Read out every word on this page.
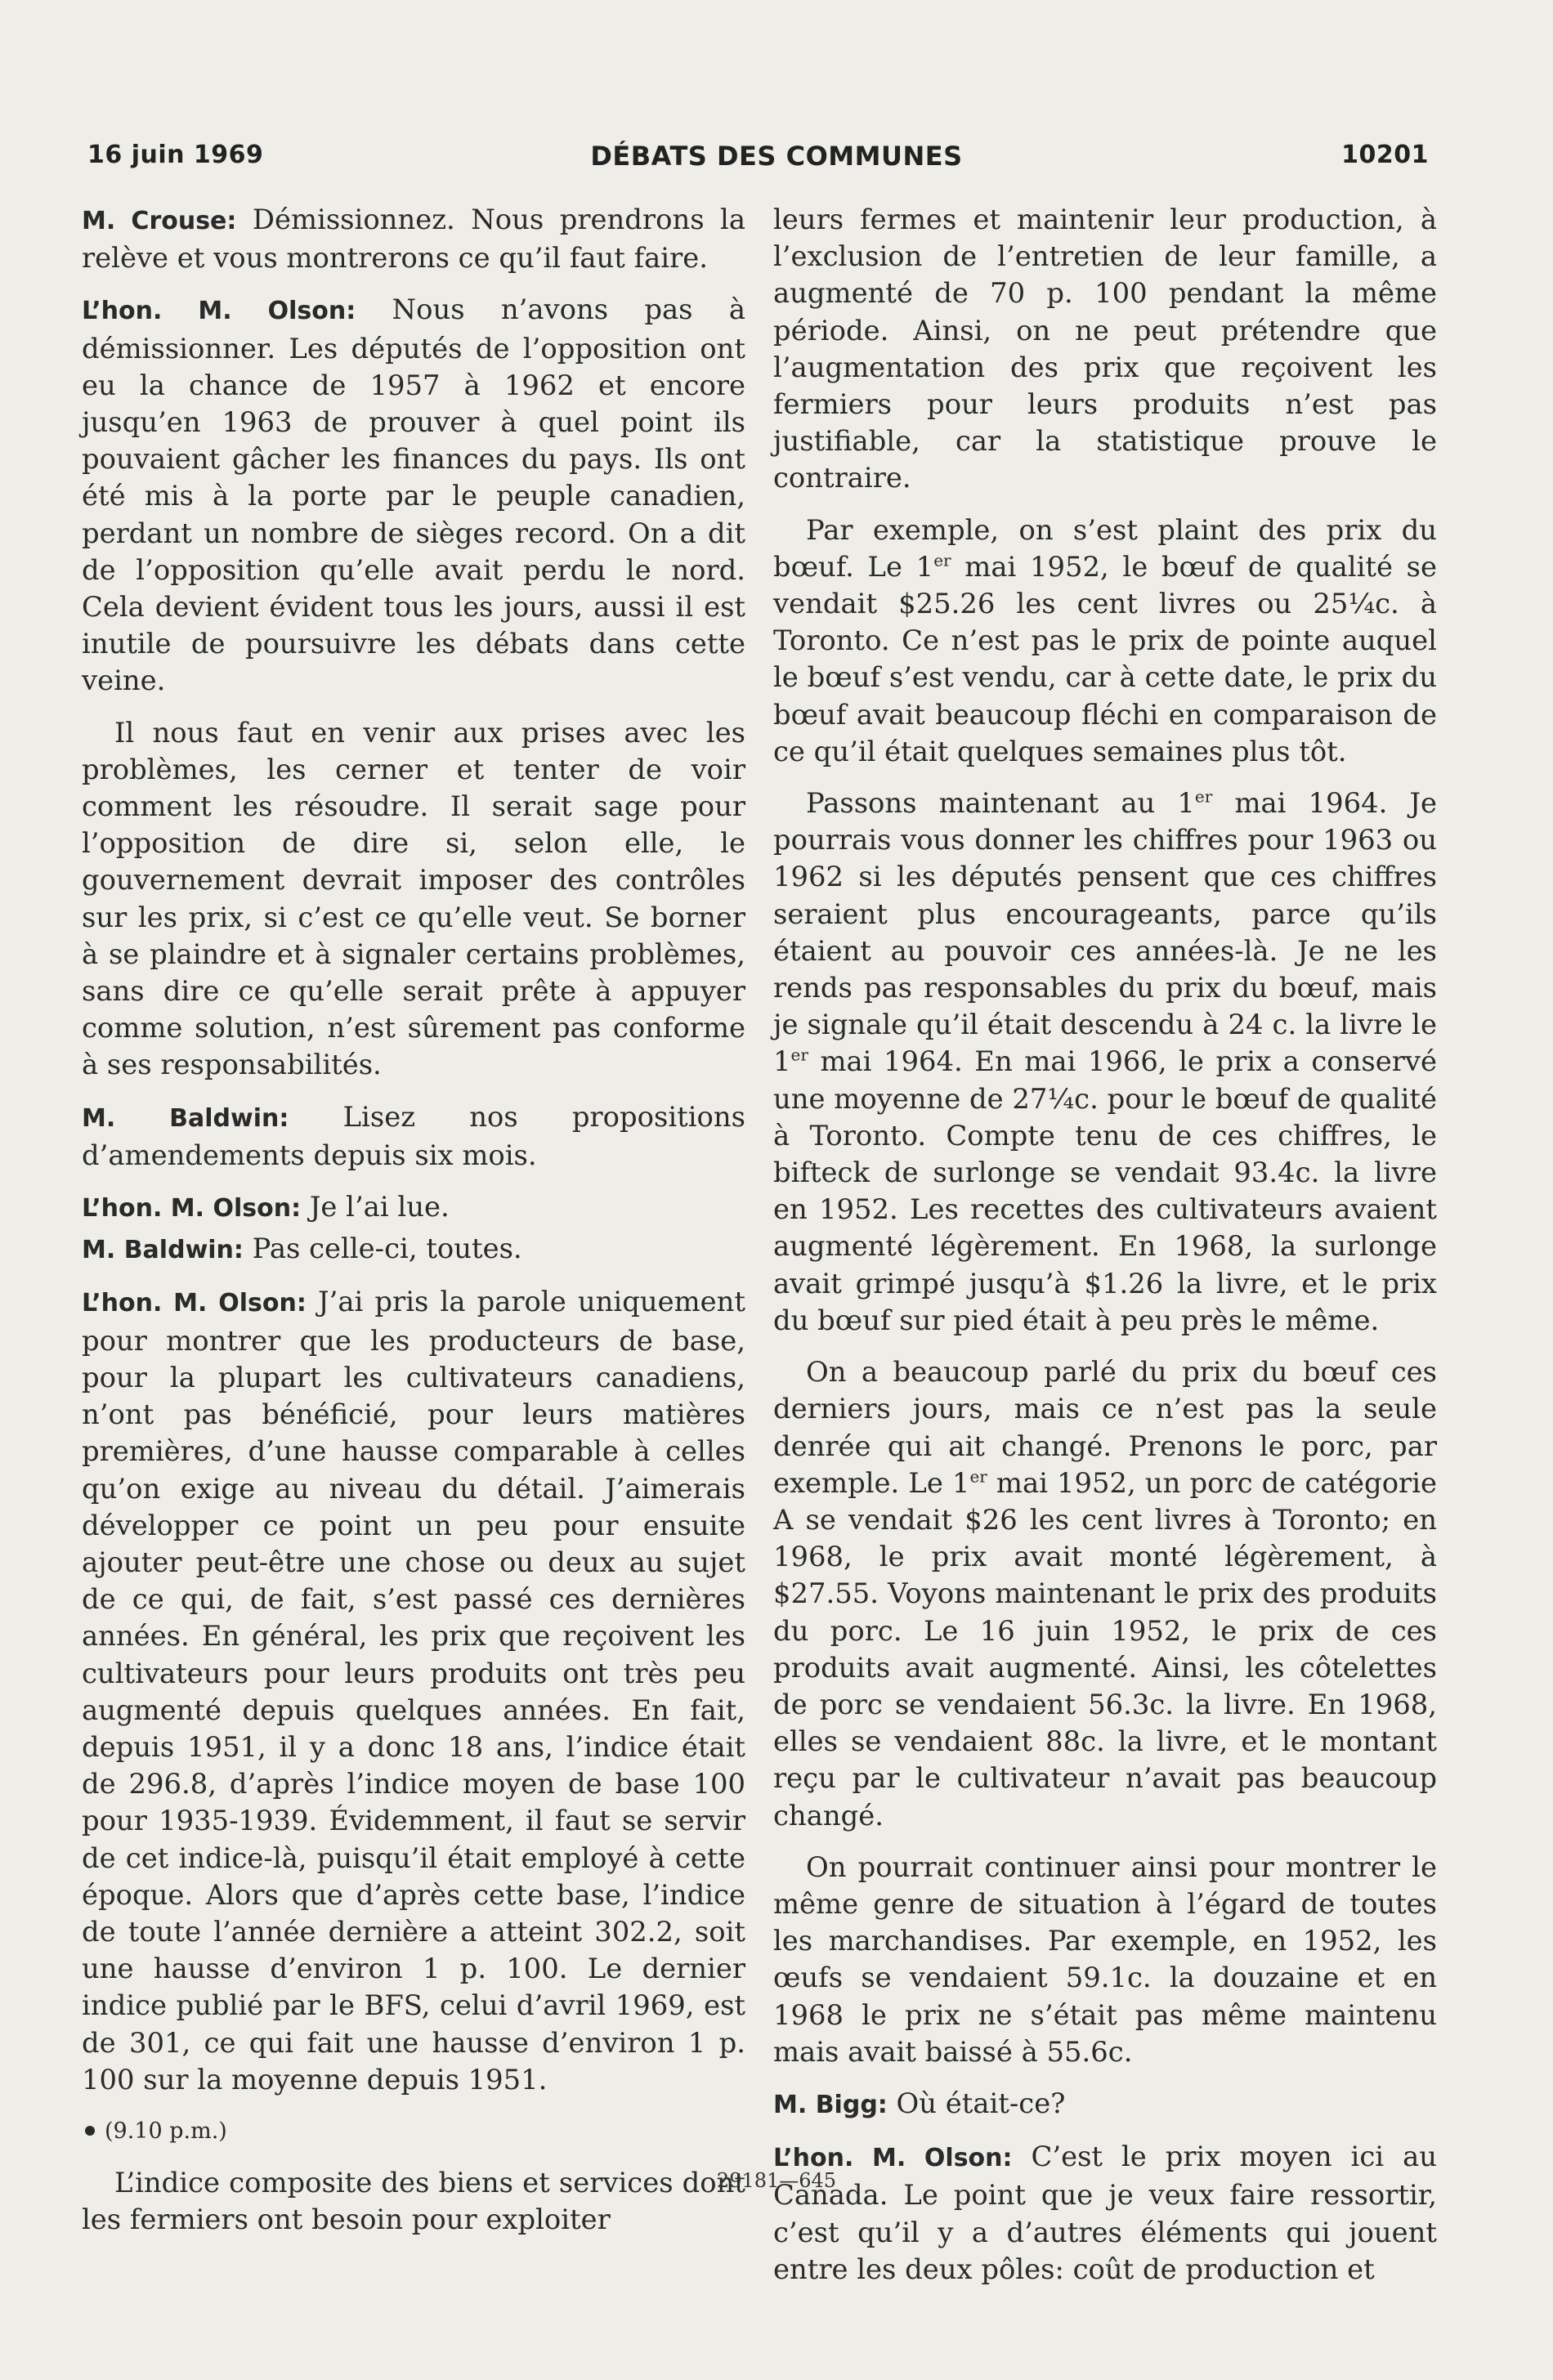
16 juin 1969	DÉBATS DES COMMUNES	10201

M. Crouse: Démissionnez. Nous prendrons la relève et vous montrerons ce qu’il faut faire.

L’hon. M. Olson: Nous n’avons pas à démissionner. Les députés de l’opposition ont eu la chance de 1957 à 1962 et encore jusqu’en 1963 de prouver à quel point ils pouvaient gâcher les finances du pays. Ils ont été mis à la porte par le peuple canadien, perdant un nombre de sièges record. On a dit de l’opposition qu’elle avait perdu le nord. Cela devient évident tous les jours, aussi il est inutile de poursuivre les débats dans cette veine.

Il nous faut en venir aux prises avec les problèmes, les cerner et tenter de voir comment les résoudre. Il serait sage pour l’opposition de dire si, selon elle, le gouvernement devrait imposer des contrôles sur les prix, si c’est ce qu’elle veut. Se borner à se plaindre et à signaler certains problèmes, sans dire ce qu’elle serait prête à appuyer comme solution, n’est sûrement pas conforme à ses responsabilités.

M. Baldwin: Lisez nos propositions d’amendements depuis six mois.

L’hon. M. Olson: Je l’ai lue.

M. Baldwin: Pas celle-ci, toutes.

L’hon. M. Olson: J’ai pris la parole uniquement pour montrer que les producteurs de base, pour la plupart les cultivateurs canadiens, n’ont pas bénéficié, pour leurs matières premières, d’une hausse comparable à celles qu’on exige au niveau du détail. J’aimerais développer ce point un peu pour ensuite ajouter peut-être une chose ou deux au sujet de ce qui, de fait, s’est passé ces dernières années. En général, les prix que reçoivent les cultivateurs pour leurs produits ont très peu augmenté depuis quelques années. En fait, depuis 1951, il y a donc 18 ans, l’indice était de 296.8, d’après l’indice moyen de base 100 pour 1935-1939. Évidemment, il faut se servir de cet indice-là, puisqu’il était employé à cette époque. Alors que d’après cette base, l’indice de toute l’année dernière a atteint 302.2, soit une hausse d’environ 1 p. 100. Le dernier indice publié par le BFS, celui d’avril 1969, est de 301, ce qui fait une hausse d’environ 1 p. 100 sur la moyenne depuis 1951.

(9.10 p.m.)

L’indice composite des biens et services dont les fermiers ont besoin pour exploiter

leurs fermes et maintenir leur production, à l’exclusion de l’entretien de leur famille, a augmenté de 70 p. 100 pendant la même période. Ainsi, on ne peut prétendre que l’augmentation des prix que reçoivent les fermiers pour leurs produits n’est pas justifiable, car la statistique prouve le contraire.

Par exemple, on s’est plaint des prix du bœuf. Le 1er mai 1952, le bœuf de qualité se vendait $25.26 les cent livres ou 25¼c. à Toronto. Ce n’est pas le prix de pointe auquel le bœuf s’est vendu, car à cette date, le prix du bœuf avait beaucoup fléchi en comparaison de ce qu’il était quelques semaines plus tôt.

Passons maintenant au 1er mai 1964. Je pourrais vous donner les chiffres pour 1963 ou 1962 si les députés pensent que ces chiffres seraient plus encourageants, parce qu’ils étaient au pouvoir ces années-là. Je ne les rends pas responsables du prix du bœuf, mais je signale qu’il était descendu à 24 c. la livre le 1er mai 1964. En mai 1966, le prix a conservé une moyenne de 27¼c. pour le bœuf de qualité à Toronto. Compte tenu de ces chiffres, le bifteck de surlonge se vendait 93.4c. la livre en 1952. Les recettes des cultivateurs avaient augmenté légèrement. En 1968, la surlonge avait grimpé jusqu’à $1.26 la livre, et le prix du bœuf sur pied était à peu près le même.

On a beaucoup parlé du prix du bœuf ces derniers jours, mais ce n’est pas la seule denrée qui ait changé. Prenons le porc, par exemple. Le 1er mai 1952, un porc de catégorie A se vendait $26 les cent livres à Toronto; en 1968, le prix avait monté légèrement, à $27.55. Voyons maintenant le prix des produits du porc. Le 16 juin 1952, le prix de ces produits avait augmenté. Ainsi, les côtelettes de porc se vendaient 56.3c. la livre. En 1968, elles se vendaient 88c. la livre, et le montant reçu par le cultivateur n’avait pas beaucoup changé.

On pourrait continuer ainsi pour montrer le même genre de situation à l’égard de toutes les marchandises. Par exemple, en 1952, les œufs se vendaient 59.1c. la douzaine et en 1968 le prix ne s’était pas même maintenu mais avait baissé à 55.6c.

M. Bigg: Où était-ce?

L’hon. M. Olson: C’est le prix moyen ici au Canada. Le point que je veux faire ressortir, c’est qu’il y a d’autres éléments qui jouent entre les deux pôles: coût de production et

29181—645
